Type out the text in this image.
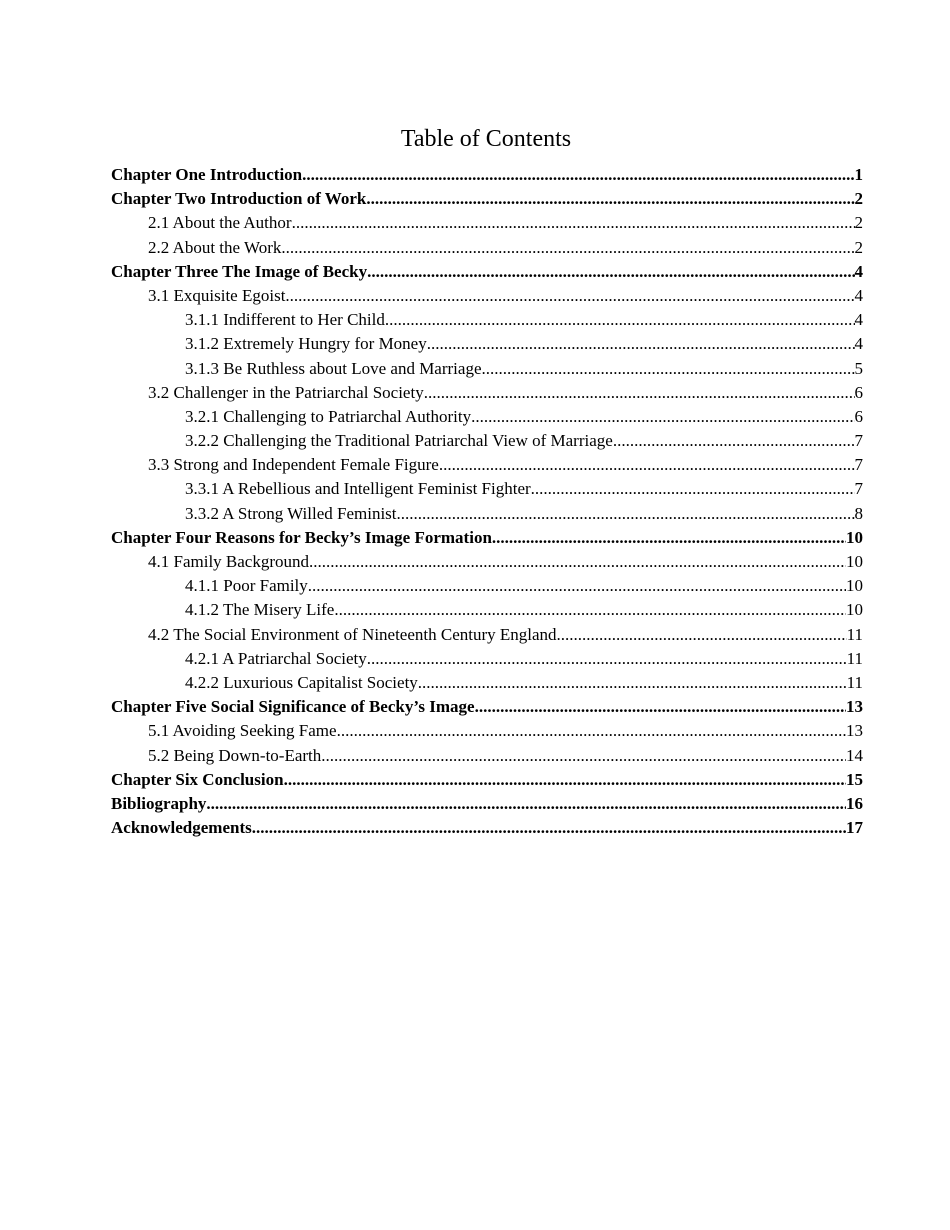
Table of Contents
Chapter One Introduction .....	1
Chapter Two Introduction of Work .....	2
2.1 About the Author .....	2
2.2 About the Work .....	2
Chapter Three The Image of Becky .....	4
3.1 Exquisite Egoist .....	4
3.1.1 Indifferent to Her Child .....	4
3.1.2 Extremely Hungry for Money .....	4
3.1.3 Be Ruthless about Love and Marriage .....	5
3.2 Challenger in the Patriarchal Society .....	6
3.2.1 Challenging to Patriarchal Authority .....	6
3.2.2 Challenging the Traditional Patriarchal View of Marriage .....	7
3.3 Strong and Independent Female Figure .....	7
3.3.1 A Rebellious and Intelligent Feminist Fighter .....	7
3.3.2 A Strong Willed Feminist .....	8
Chapter Four Reasons for Becky’s Image Formation .....	10
4.1 Family Background .....	10
4.1.1 Poor Family .....	10
4.1.2 The Misery Life .....	10
4.2 The Social Environment of Nineteenth Century England .....	11
4.2.1 A Patriarchal Society .....	11
4.2.2 Luxurious Capitalist Society .....	11
Chapter Five Social Significance of Becky’s Image .....	13
5.1 Avoiding Seeking Fame .....	13
5.2 Being Down-to-Earth .....	14
Chapter Six Conclusion .....	15
Bibliography .....	16
Acknowledgements .....	17
